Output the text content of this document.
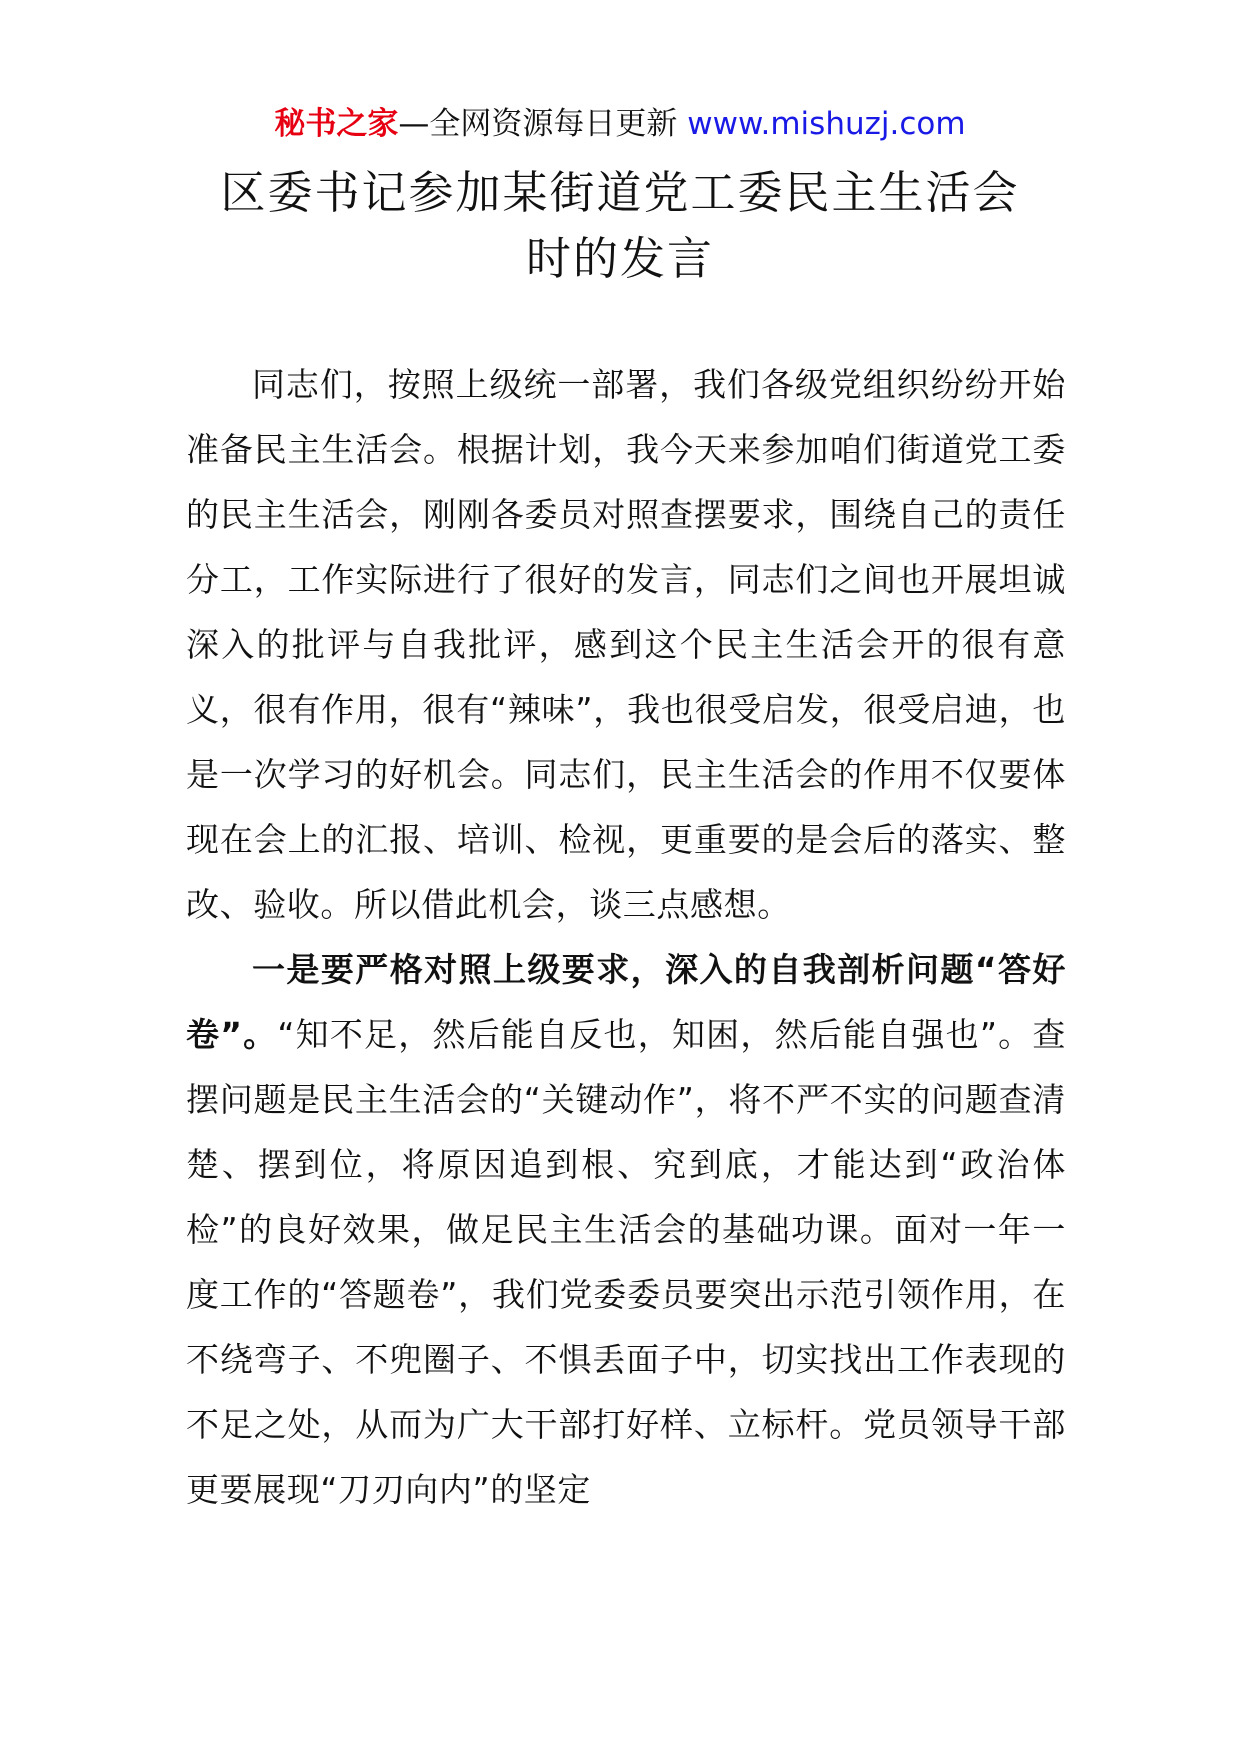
秘书之家—全网资源每日更新 www.mishuzj.com
区委书记参加某街道党工委民主生活会
时的发言

同志们，按照上级统一部署，我们各级党组织纷纷开始准备民主生活会。根据计划，我今天来参加咱们街道党工委的民主生活会，刚刚各委员对照查摆要求，围绕自己的责任分工，工作实际进行了很好的发言，同志们之间也开展坦诚深入的批评与自我批评，感到这个民主生活会开的很有意义，很有作用，很有“辣味”，我也很受启发，很受启迪，也是一次学习的好机会。同志们，民主生活会的作用不仅要体现在会上的汇报、培训、检视，更重要的是会后的落实、整改、验收。所以借此机会，谈三点感想。

一是要严格对照上级要求，深入的自我剖析问题“答好卷”。“知不足，然后能自反也，知困，然后能自强也”。查摆问题是民主生活会的“关键动作”，将不严不实的问题查清楚、摆到位，将原因追到根、究到底，才能达到“政治体检”的良好效果，做足民主生活会的基础功课。面对一年一度工作的“答题卷”，我们党委委员要突出示范引领作用，在不绕弯子、不兜圈子、不惧丢面子中，切实找出工作表现的不足之处，从而为广大干部打好样、立标杆。党员领导干部更要展现“刀刃向内”的坚定
